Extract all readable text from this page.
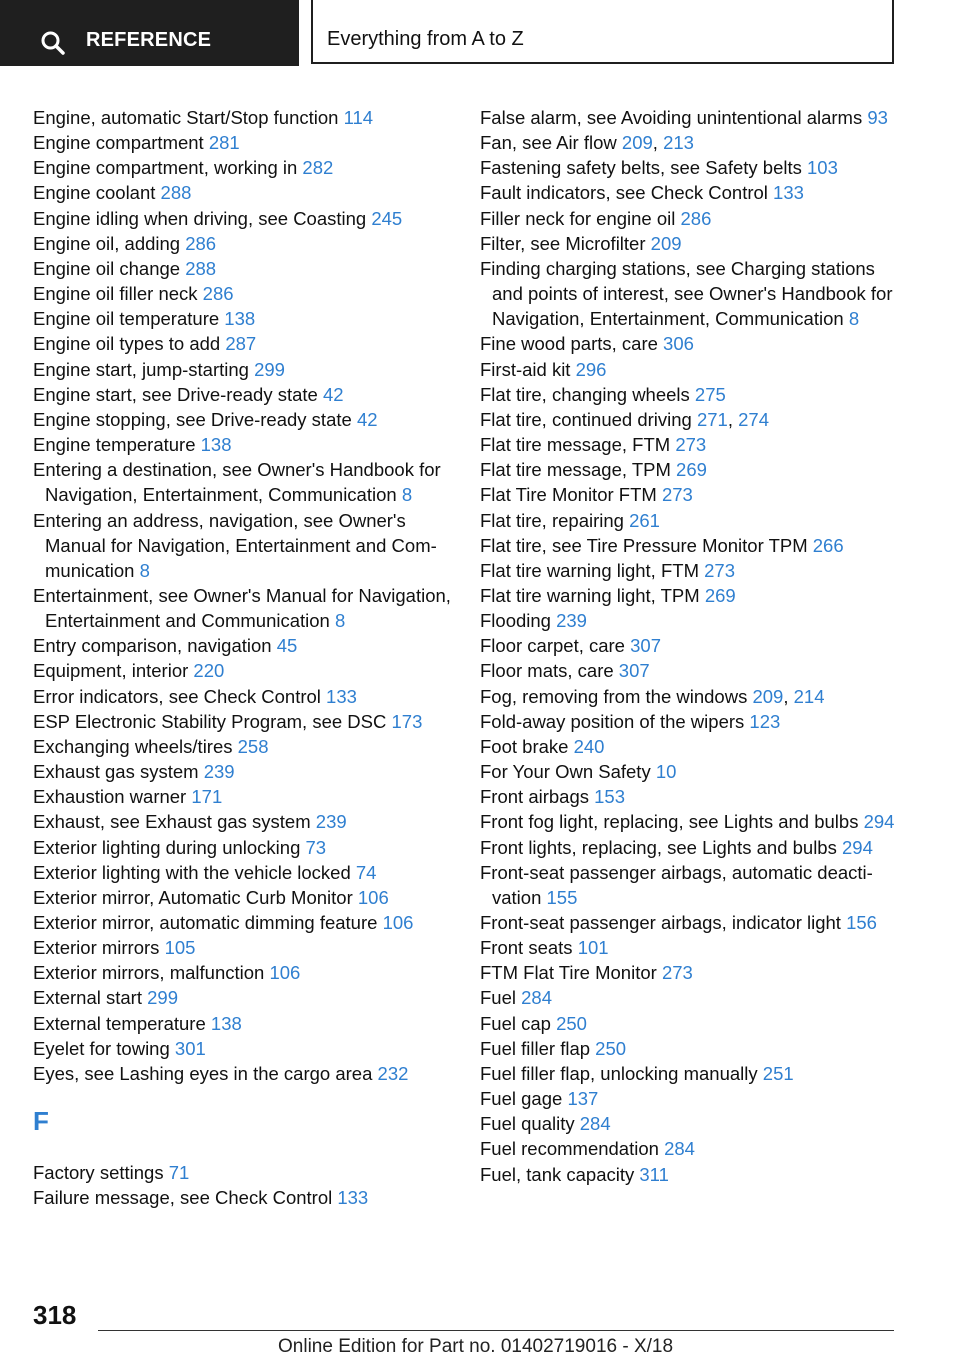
REFERENCE	Everything from A to Z

Engine, automatic Start/Stop function 114

Engine compartment 281

Engine compartment, working in 282

Engine coolant 288

Engine idling when driving, see Coasting 245

Engine oil, adding 286

Engine oil change 288

Engine oil filler neck 286

Engine oil temperature 138

Engine oil types to add 287

Engine start, jump-starting 299

Engine start, see Drive-ready state 42

Engine stopping, see Drive-ready state 42

Engine temperature 138

Entering a destination, see Owner's Handbook for Navigation, Entertainment, Communication 8

Entering an address, navigation, see Owner's Manual for Navigation, Entertainment and Communication 8

Entertainment, see Owner's Manual for Navigation, Entertainment and Communication 8

Entry comparison, navigation 45

Equipment, interior 220

Error indicators, see Check Control 133

ESP Electronic Stability Program, see DSC 173

Exchanging wheels/tires 258

Exhaust gas system 239

Exhaustion warner 171

Exhaust, see Exhaust gas system 239

Exterior lighting during unlocking 73

Exterior lighting with the vehicle locked 74

Exterior mirror, Automatic Curb Monitor 106

Exterior mirror, automatic dimming feature 106

Exterior mirrors 105

Exterior mirrors, malfunction 106

External start 299

External temperature 138

Eyelet for towing 301

Eyes, see Lashing eyes in the cargo area 232

F

Factory settings 71

Failure message, see Check Control 133

False alarm, see Avoiding unintentional alarms 93

Fan, see Air flow 209, 213

Fastening safety belts, see Safety belts 103

Fault indicators, see Check Control 133

Filler neck for engine oil 286

Filter, see Microfilter 209

Finding charging stations, see Charging stations and points of interest, see Owner's Handbook for Navigation, Entertainment, Communication 8

Fine wood parts, care 306

First-aid kit 296

Flat tire, changing wheels 275

Flat tire, continued driving 271, 274

Flat tire message, FTM 273

Flat tire message, TPM 269

Flat Tire Monitor FTM 273

Flat tire, repairing 261

Flat tire, see Tire Pressure Monitor TPM 266

Flat tire warning light, FTM 273

Flat tire warning light, TPM 269

Flooding 239

Floor carpet, care 307

Floor mats, care 307

Fog, removing from the windows 209, 214

Fold-away position of the wipers 123

Foot brake 240

For Your Own Safety 10

Front airbags 153

Front fog light, replacing, see Lights and bulbs 294

Front lights, replacing, see Lights and bulbs 294

Front-seat passenger airbags, automatic deactivation 155

Front-seat passenger airbags, indicator light 156

Front seats 101

FTM Flat Tire Monitor 273

Fuel 284

Fuel cap 250

Fuel filler flap 250

Fuel filler flap, unlocking manually 251

Fuel gage 137

Fuel quality 284

Fuel recommendation 284

Fuel, tank capacity 311

318
Online Edition for Part no. 01402719016 - X/18
